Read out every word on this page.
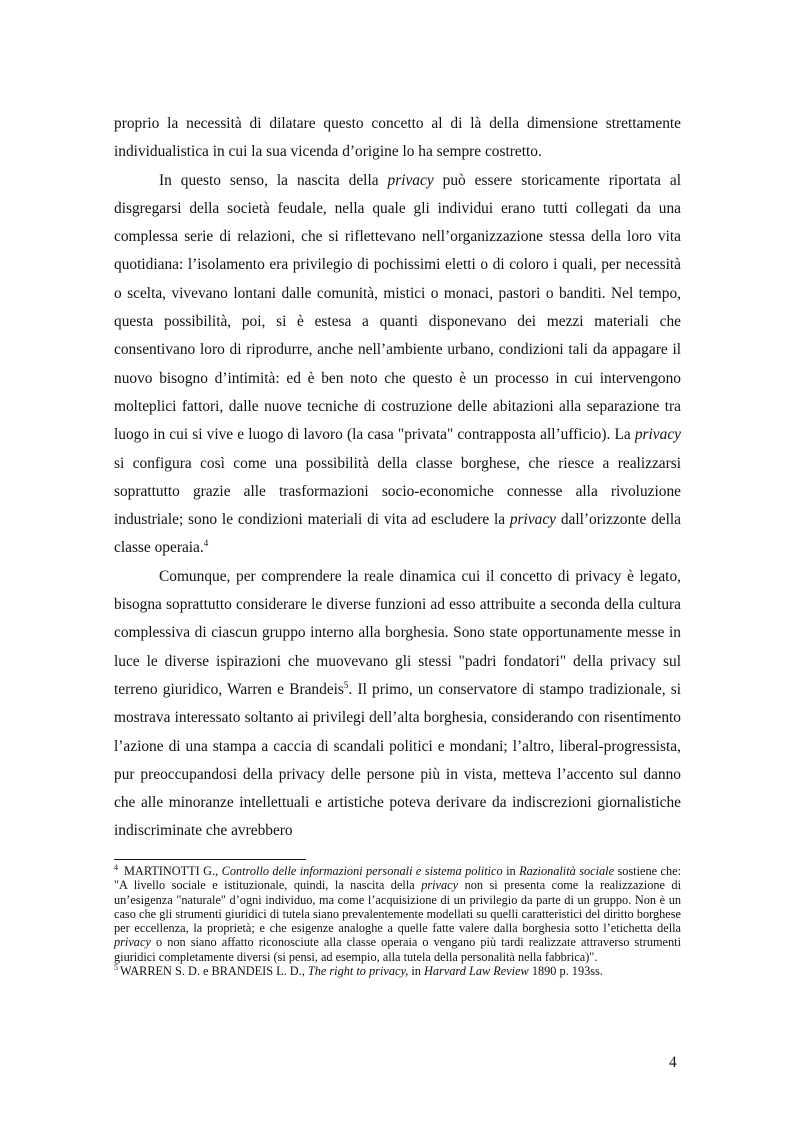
proprio la necessità di dilatare questo concetto al di là della dimensione strettamente individualistica in cui la sua vicenda d’origine lo ha sempre costretto.

In questo senso, la nascita della privacy può essere storicamente riportata al disgregarsi della società feudale, nella quale gli individui erano tutti collegati da una complessa serie di relazioni, che si riflettevano nell’organizzazione stessa della loro vita quotidiana: l’isolamento era privilegio di pochissimi eletti o di coloro i quali, per necessità o scelta, vivevano lontani dalle comunità, mistici o monaci, pastori o banditi. Nel tempo, questa possibilità, poi, si è estesa a quanti disponevano dei mezzi materiali che consentivano loro di riprodurre, anche nell’ambiente urbano, condizioni tali da appagare il nuovo bisogno d’intimità: ed è ben noto che questo è un processo in cui intervengono molteplici fattori, dalle nuove tecniche di costruzione delle abitazioni alla separazione tra luogo in cui si vive e luogo di lavoro (la casa "privata" contrapposta all’ufficio). La privacy si configura così come una possibilità della classe borghese, che riesce a realizzarsi soprattutto grazie alle trasformazioni socio-economiche connesse alla rivoluzione industriale; sono le condizioni materiali di vita ad escludere la privacy dall’orizzonte della classe operaia.$^4$

Comunque, per comprendere la reale dinamica cui il concetto di privacy è legato, bisogna soprattutto considerare le diverse funzioni ad esso attribuite a seconda della cultura complessiva di ciascun gruppo interno alla borghesia. Sono state opportunamente messe in luce le diverse ispirazioni che muovevano gli stessi "padri fondatori" della privacy sul terreno giuridico, Warren e Brandeis$^5$. Il primo, un conservatore di stampo tradizionale, si mostrava interessato soltanto ai privilegi dell’alta borghesia, considerando con risentimento l’azione di una stampa a caccia di scandali politici e mondani; l’altro, liberal-progressista, pur preoccupandosi della privacy delle persone più in vista, metteva l’accento sul danno che alle minoranze intellettuali e artistiche poteva derivare da indiscrezioni giornalistiche indiscriminate che avrebbero

$^4$ MARTINOTTI G., Controllo delle informazioni personali e sistema politico in Razionalità sociale sostiene che: "A livello sociale e istituzionale, quindi, la nascita della privacy non si presenta come la realizzazione di un’esigenza "naturale" d’ogni individuo, ma come l’acquisizione di un privilegio da parte di un gruppo. Non è un caso che gli strumenti giuridici di tutela siano prevalentemente modellati su quelli caratteristici del diritto borghese per eccellenza, la proprietà; e che esigenze analoghe a quelle fatte valere dalla borghesia sotto l’etichetta della privacy o non siano affatto riconosciute alla classe operaia o vengano più tardi realizzate attraverso strumenti giuridici completamente diversi (si pensi, ad esempio, alla tutela della personalità nella fabbrica)".

$^5$ WARREN S. D. e BRANDEIS L. D., The right to privacy, in Harvard Law Review 1890 p. 193ss.

4
